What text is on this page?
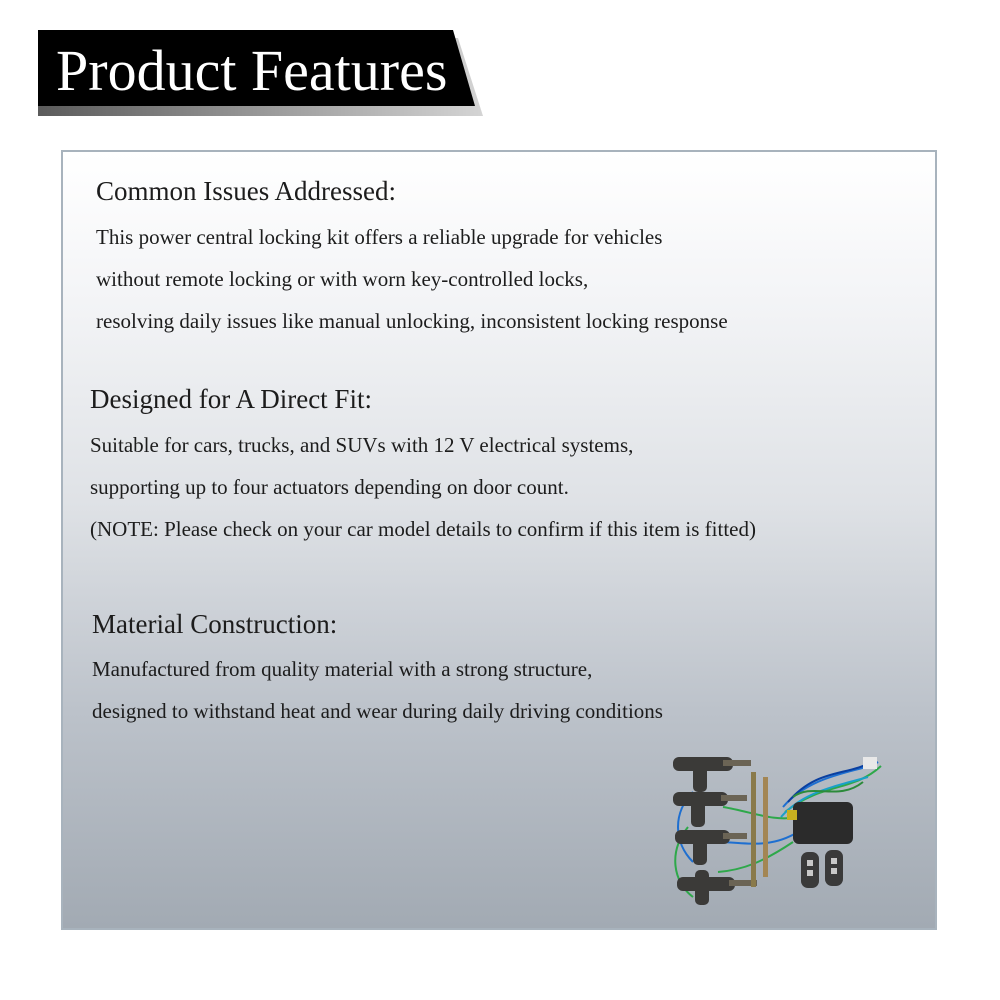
Product Features
Common Issues Addressed:
This power central locking kit offers a reliable upgrade for vehicles
without remote locking or with worn key-controlled locks,
resolving daily issues like manual unlocking, inconsistent locking response
Designed for A Direct Fit:
Suitable for cars, trucks, and SUVs with 12 V electrical systems,
supporting up to four actuators depending on door count.
(NOTE: Please check on your car model details to confirm if this item is fitted)
Material Construction:
Manufactured from quality material with a strong structure,
designed to withstand heat and wear during daily driving conditions
